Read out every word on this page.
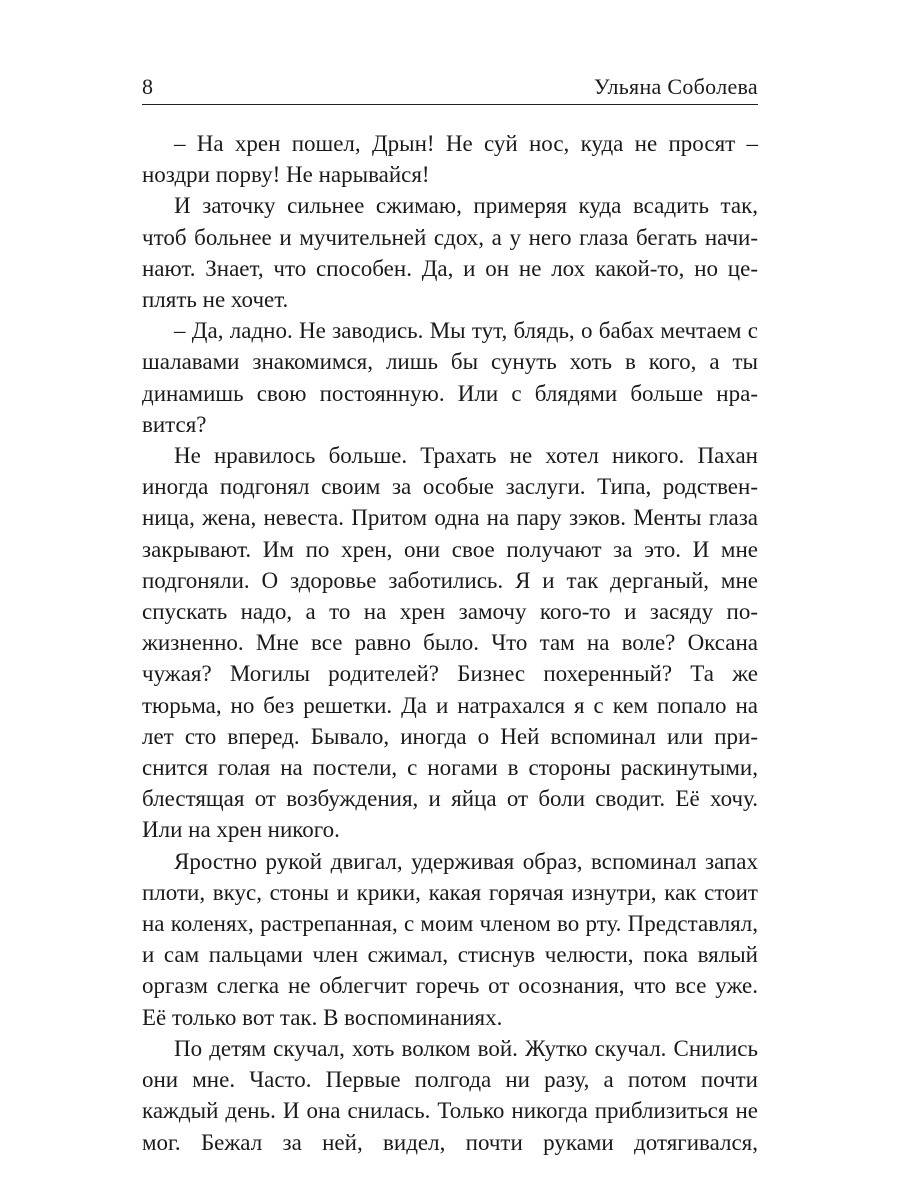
8	Ульяна Соболева

– На хрен пошел, Дрын! Не суй нос, куда не просят – ноздри порву! Не нарывайся!

И заточку сильнее сжимаю, примеряя куда всадить так, чтоб больнее и мучительней сдох, а у него глаза бегать начинают. Знает, что способен. Да, и он не лох какой-то, но цеплять не хочет.

– Да, ладно. Не заводись. Мы тут, блядь, о бабах мечтаем с шалавами знакомимся, лишь бы сунуть хоть в кого, а ты динамишь свою постоянную. Или с блядями больше нравится?

Не нравилось больше. Трахать не хотел никого. Пахан иногда подгонял своим за особые заслуги. Типа, родственница, жена, невеста. Притом одна на пару зэков. Менты глаза закрывают. Им по хрен, они свое получают за это. И мне подгоняли. О здоровье заботились. Я и так дерганый, мне спускать надо, а то на хрен замочу кого-то и засяду пожизненно. Мне все равно было. Что там на воле? Оксана чужая? Могилы родителей? Бизнес похеренный? Та же тюрьма, но без решетки. Да и натрахался я с кем попало на лет сто вперед. Бывало, иногда о Ней вспоминал или приснится голая на постели, с ногами в стороны раскинутыми, блестящая от возбуждения, и яйца от боли сводит. Её хочу. Или на хрен никого.

Яростно рукой двигал, удерживая образ, вспоминал запах плоти, вкус, стоны и крики, какая горячая изнутри, как стоит на коленях, растрепанная, с моим членом во рту. Представлял, и сам пальцами член сжимал, стиснув челюсти, пока вялый оргазм слегка не облегчит горечь от осознания, что все уже. Её только вот так. В воспоминаниях.

По детям скучал, хоть волком вой. Жутко скучал. Снились они мне. Часто. Первые полгода ни разу, а потом почти каждый день. И она снилась. Только никогда приблизиться не мог. Бежал за ней, видел, почти руками дотягивался,
